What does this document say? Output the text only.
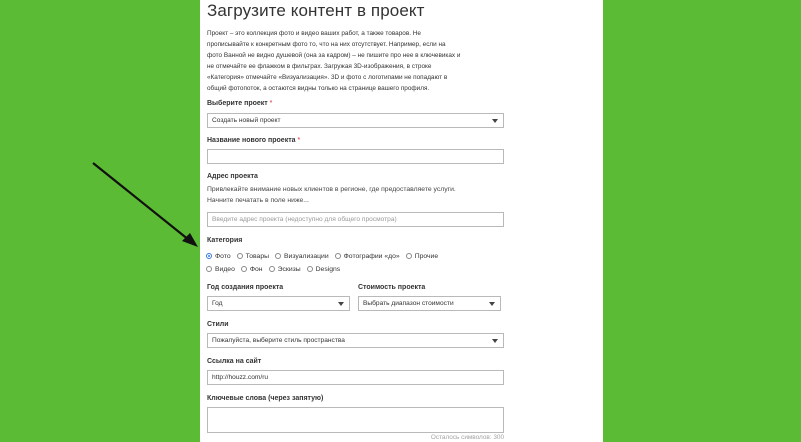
Загрузите контент в проект
Проект – это коллекция фото и видео ваших работ, а также товаров. Не
прописывайте к конкретным фото то, что на них отсутствует. Например, если на
фото Ванной не видно душевой (она за кадром) – не пишите про нее в ключевиках и
не отмечайте ее флажком в фильтрах. Загружая 3D-изображения, в строке
«Категория» отмечайте «Визуализация». 3D и фото с логотипами не попадают в
общий фотопоток, а остаются видны только на странице вашего профиля.
Выберите проект *
Создать новый проект
Название нового проекта *
Адрес проекта
Привлекайте внимание новых клиентов в регионе, где предоставляете услуги.
Начните печатать в поле ниже...
Введите адрес проекта (недоступно для общего просмотра)
Категория
Фото Товары Визуализации Фотографии «до» Прочие
Видео Фон Эскизы Designs
Год создания проекта
Год
Стоимость проекта
Выбрать диапазон стоимости
Стили
Пожалуйста, выберите стиль пространства
Ссылка на сайт
http://houzz.com/ru
Ключевые слова (через запятую)
Осталось символов: 300
